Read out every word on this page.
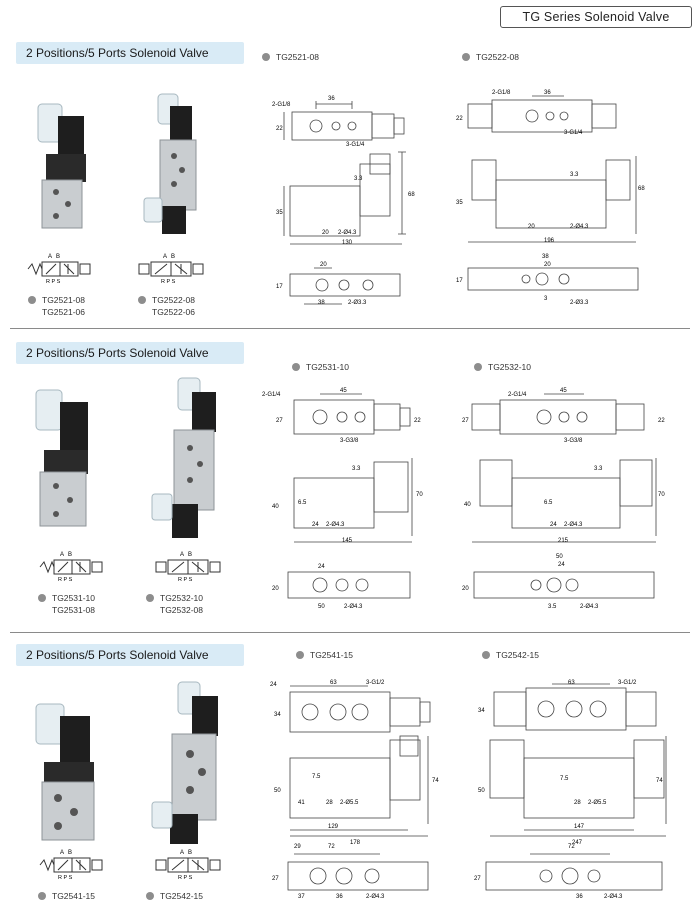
TG Series Solenoid Valve
2 Positions/5 Ports Solenoid Valve
A B
R P S
A B
R P S
TG2521-08
TG2521-06
TG2522-08
TG2522-06
TG2521-08	TG2522-08
2-G1/8
36
22
3-G1/4
3.3
35
68
2-Ø4.3
20
130
17
20
38	2-Ø3.3
2-G1/8	36
22
3-G1/4
3.3
35
68
2-Ø4.3
20
196
17
38
20
2-Ø3.3
3
2 Positions/5 Ports Solenoid Valve
A B
R P S
A B
R P S
TG2531-10
TG2531-08
TG2532-10
TG2532-08
TG2531-10	TG2532-10
2-G1/4
45
27	22
3-G3/8
3.3
40
70
6.5
24 2-Ø4.3
145
20
24
50	2-Ø4.3
2-G1/4
45
27	22
3-G3/8
3.3
40
70
6.5
24 2-Ø4.3
215
20
24
50
2-Ø4.3
3.5
2 Positions/5 Ports Solenoid Valve
A B
R P S
A B
R P S
TG2541-15	TG2542-15
TG2541-15	TG2542-15
24	63	3-G1/2
34
7.5
50
74
28
41	2-Ø5.5
129
178
29	72
27
37	36	2-Ø4.3
63	3-G1/2
34
7.5
50
74
28 2-Ø5.5
147
247
72
27
36	2-Ø4.3
